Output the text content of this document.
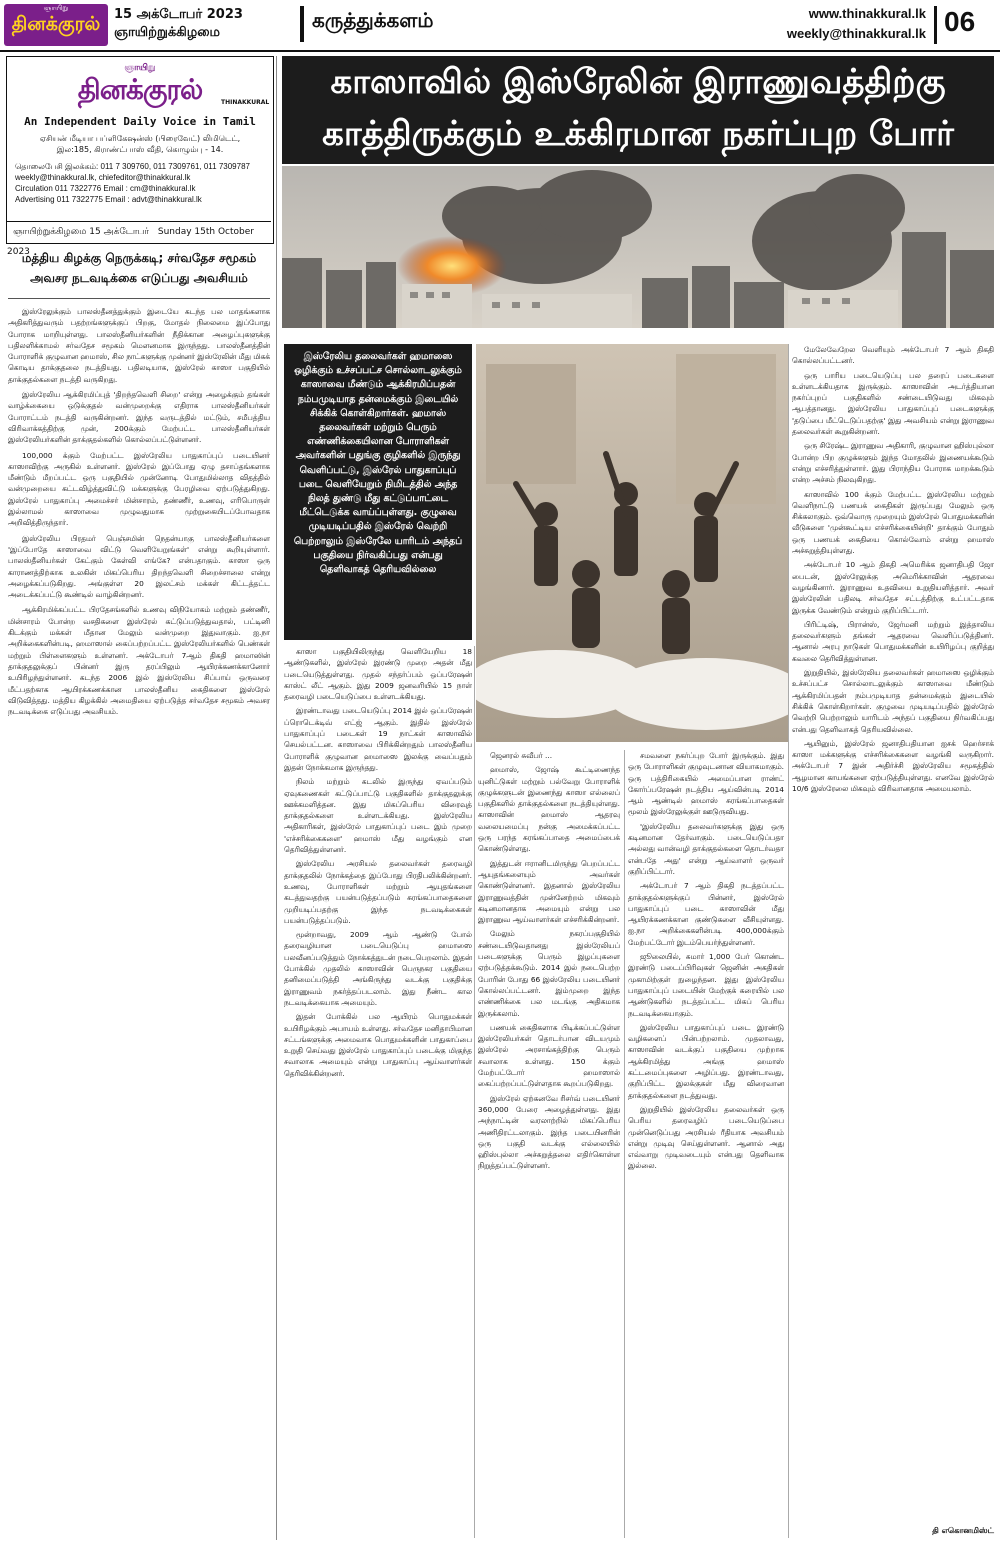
ஞாயிறு
தினக்குரல்	15 அக்டோபர் 2023
ஞாயிற்றுக்கிழமை
கருத்துக்களம்	www.thinakkural.lk
weekly@thinakkural.lk 06
ஞாயிறு
தினக்குரல்	THINAKKURAL
An Independent Daily Voice in Tamil
ஏசியன் மீடியா பப்ளிகேஷன்ஸ் (பிரைவேட்) லிமிடெட்,
இல:185, கிராண்ட்பாஸ் வீதி, கொழும்பு - 14.
தொலைபேசி இலக்கம்: 011 7 309760, 011 7309761, 011 7309787
weekly@thinakkural.lk, chiefeditor@thinakkural.lk
Circulation 011 7322776 Email : cm@thinakkural.lk
Advertising 011 7322775 Email : advt@thinakkural.lk
ஞாயிற்றுக்கிழமை 15 அக்டோபர் Sunday 15th October 2023
மத்திய கிழக்கு நெருக்கடி; சர்வதேச சமூகம்
அவசர நடவடிக்கை எடுப்பது அவசியம்

இஸ்ரேலுக்கும் பாலஸ்தீனத்துக்கும் இடையே கடந்த பல மாதங்களாக அதிகரித்துவரும் பதற்றங்களுக்குப் பிறகு, மோதல் நிலைமை இப்போது போராக மாறியுள்ளது. பாலஸ்தீனியர்களின் நீதிக்கான அழைப்புகளுக்கு பதிலளிக்காமல் சர்வதேச சமூகம் மௌனமாக இருந்தது. பாலஸ்தீனத்தின் போராளிக் குழுவான ஹமாஸ், சில நாட்களுக்கு முன்னர் இஸ்ரேலின் மீது மிகக் கொடிய தாக்குதலை நடத்தியது. பதிலடியாக, இஸ்ரேல் காஸா பகுதியில் தாக்குதல்களை நடத்தி வருகிறது.

இஸ்ரேலிய ஆக்கிரமிப்புத் 'திறந்தவெளி சிறை' என்று அழைக்கும் தங்கள் வாழ்க்கையை ஒடுக்குதல் வன்முறைக்கு எதிராக பாலஸ்தீனியர்கள் போராட்டம் நடத்தி வருகின்றனர். இந்த வருடத்தில் மட்டும், சமீபத்திய விரிவாக்கத்திற்கு முன், 200க்கும் மேற்பட்ட பாலஸ்தீனியர்கள் இஸ்ரேலியர்களின் தாக்குதல்களில் கொல்லப்பட்டுள்ளனர்.

100,000 க்கும் மேற்பட்ட இஸ்ரேலிய பாதுகாப்புப் படையினர் காஸாவிற்கு அருகில் உள்ளனர். இஸ்ரேல் இப்போது ஏழு தசாப்தங்களாக மீண்டும் மீறப்பட்ட ஒரு பகுதியில் முன்னோடி போதுமில்லாத விதத்தில் வன்முறையை கட்டவிழ்த்துவிட்டு மக்களுக்கு பேரழிவை ஏற்படுத்துகிறது. இஸ்ரேல் பாதுகாப்பு அமைச்சர் மின்சாரம், தண்ணீர், உணவு, எரிபொருள் இல்லாமல் காஸாவை முழுவதுமாக முற்றுகையிடப்போவதாக அறிவித்திருந்தார்.

இஸ்ரேலிய பிரதமர் பெஞ்சமின் நெதன்யாகு பாலஸ்தீனியர்களை 'இப்போதே காஸாவை விட்டு வெளியேறுங்கள்' என்று கூறியுள்ளார். பாலஸ்தீனியர்கள் கேட்கும் கேள்வி எங்கே? என்பதாகும். காஸா ஒரு காராணத்திற்காக உலகின் மிகப்பெரிய திறந்தவெளி சிறைச்சாலை என்று அழைக்கப்படுகிறது. அங்குள்ள 20 இலட்சம் மக்கள் கிட்டத்தட்ட அடைக்கப்பட்டு கூண்டில் வாழ்கின்றனர்.

ஆக்கிரமிக்கப்பட்ட பிரதேசங்களில் உணவு விநியோகம் மற்றும் தண்ணீர், மின்சாரம் போன்ற வசதிகளை இஸ்ரேல் கட்டுப்படுத்துவதால், பட்டினி கிடக்கும் மக்கள் மீதான மேலும் வன்முறை இதுவாகும். ஐ.நா அறிக்கைகளின்படி, ஹமாஸால் கைப்பற்றப்பட்ட இஸ்ரேலியர்களில் பெண்கள் மற்றும் பிள்ளைகளும் உள்ளனர். அக்டோபர் 7ஆம் திகதி ஹமாஸின் தாக்குதலுக்குப் பின்னர் இரு தரப்பிலும் ஆயிரக்கணக்கானோர் உயிரிழந்துள்ளனர். கடந்த 2006 இல் இஸ்ரேலிய சிப்பாய் ஒருவரை மீட்பதற்காக ஆயிரக்கணக்கான பாலஸ்தீனிய கைதிகளை இஸ்ரேல் விடுவித்தது. மத்திய கிழக்கில் அமைதியை ஏற்படுத்த சர்வதேச சமூகம் அவசர நடவடிக்கை எடுப்பது அவசியம்.

காஸாவில் இஸ்ரேலின் இராணுவத்திற்கு
காத்திருக்கும் உக்கிரமான நகர்ப்புற போர்
இஸ்ரேலிய தலைவர்கள் ஹமாஸை ஒழிக்கும் உச்சப்பட்ச சொல்லாடலுக்கும் காஸாவை மீண்டும் ஆக்கிரமிப்பதன் நம்பமுடியாத தன்மைக்கும் இடையில் சிக்கிக் கொள்கிறார்கள். ஹமாஸ் தலைவர்கள் மற்றும் பெரும் எண்ணிக்கையிலான போராளிகள் அவர்களின் பதுங்கு குழிகளில் இருந்து வெளிப்பட்டு, இஸ்ரேல் பாதுகாப்புப் படை வெளியேறும் நிமிடத்தில் அந்த நிலத் துண்டு மீது கட்டுப்பாட்டை மீட்டெடுக்க வாய்ப்புள்ளது. குழுவை முடியடிப்பதில் இஸ்ரேல் வெற்றி பெற்றாலும் இஸ்ரேலே யாரிடம் அந்தப் பகுதியை நிர்வகிப்பது என்பது தெளிவாகத் தெரியவில்லை

காஸா பகுதியிலிருந்து வெளியேறிய 18 ஆண்டுகளில், இஸ்ரேல் இரண்டு முறை அதன் மீது படையெடுத்துள்ளது. முதல் சந்தர்ப்பம் ஒப்பரேஷன் காஸ்ட் லீட் ஆகும். இது 2009 ஜனவரியில் 15 நாள் தரைவழி படையெடுப்பை உள்ளடக்கியது.

இரண்டாவது படையெடுப்பு 2014 இல் ஒப்பரேஷன் ப்ரொடெக்டிவ் எட்ஜ் ஆகும். இதில் இஸ்ரேல் பாதுகாப்புப் படைகள் 19 நாட்கள் காஸாவில் செயல்பட்டன. காஸாவை பிரிக்கின்றதும் பாலஸ்தீனிய போராளிக் குழுவான ஹமாஸை இலக்கு வைப்பதும் இதன் நோக்கமாக இருந்தது.

நிலம் மற்றும் கடலில் இருந்து ஏவப்படும் ஏவுகணைகள் கட்டுப்பாட்டு பகுதிகளில் தாக்குதலுக்கு ஊக்கமளித்தன. இது மிகப்பெரிய விரைவுத் தாக்குதல்களை உள்ளடக்கியது. இஸ்ரேலிய அதிகாரிகள், இஸ்ரேல் பாதுகாப்புப் படை இம் முறை 'எச்சரிக்கைகளை' ஹமாஸ் மீது வழங்கும் என தெரிவித்துள்ளனர்.

இஸ்ரேலிய அரசியல் தலைவர்கள் தரைவழி தாக்குதலில் நோக்கத்தை இப்போது பிரதிபலிக்கின்றனர். உணவு, போராளிகள் மற்றும் ஆயுதங்களை கடத்துவதற்கு பயன்படுத்தப்படும் சுரங்கப்பாதைகளை முறியடிப்பதற்கு இந்த நடவடிக்கைகள் பயன்படுத்தப்படும்.

மூன்றாவது, 2009 ஆம் ஆண்டு போல் தரைவழியான படையெடுப்பு ஹமாஸை பலவீனப்படுத்தும் நோக்கத்துடன் நடைபெறலாம். இதன் போக்கில் முதலில் காஸாவின் பெருநகர பகுதியை தனிமைப்படுத்தி அங்கிருந்து வடக்கு பகுதிக்கு இராணுவம் நகர்த்தப்படலாம். இது நீண்ட கால நடவடிக்கையாக அமையும்.

இதன் போக்கில் பல ஆயிரம் பொதுமக்கள் உயிரிழக்கும் அபாயம் உள்ளது. சர்வதேச மனிதாபிமான சட்டங்களுக்கு அமைவாக பொதுமக்களின் பாதுகாப்பை உறுதி செய்வது இஸ்ரேல் பாதுகாப்புப் படைக்கு மிகுந்த சவாலாக அமையும் என்று பாதுகாப்பு ஆய்வாளர்கள் தெரிவிக்கின்றனர்.

ஜெனரல் சுவீபர் ...

ஹமாஸ், ஜோஷ் கூட்டிணைந்த யுனிட்டுகள் மற்றும் பல்வேறு போராளிக் குழுக்களுடன் இணைந்து காஸா எல்லைப் பகுதிகளில் தாக்குதல்களை நடத்தியுள்ளது. காஸாவின் ஹமாஸ் ஆதரவு வலையமைப்பு நன்கு அமைக்கப்பட்ட ஒரு பரந்த சுரங்கப்பாதை அமைப்பைக் கொண்டுள்ளது.

இத்துடன் ஈரானிடமிருந்து பெறப்பட்ட ஆயுதங்களையும் அவர்கள் கொண்டுள்ளனர். இதனால் இஸ்ரேலிய இராணுவத்தின் முன்னேற்றம் மிகவும் கடினமானதாக அமையும் என்று பல இராணுவ ஆய்வாளர்கள் எச்சரிக்கின்றனர்.

மேலும் நகரப்பகுதியில் சண்டையிடுவதானது இஸ்ரேலியப் படைகளுக்கு பெரும் இழப்புகளை ஏற்படுத்தக்கூடும். 2014 இல் நடைபெற்ற போரின் போது 66 இஸ்ரேலிய படையினர் கொல்லப்பட்டனர். இம்முறை இந்த எண்ணிக்கை பல மடங்கு அதிகமாக இருக்கலாம்.

பணயக் கைதிகளாக பிடிக்கப்பட்டுள்ள இஸ்ரேலியர்கள் தொடர்பான விடயமும் இஸ்ரேல் அரசாங்கத்திற்கு பெரும் சவாலாக உள்ளது. 150 க்கும் மேற்பட்டோர் ஹமாஸால் கைப்பற்றப்பட்டுள்ளதாக கூறப்படுகிறது.

இஸ்ரேல் ஏற்கனவே ரிசர்வ் படையினர் 360,000 பேரை அழைத்துள்ளது. இது அந்நாட்டின் வரலாற்றில் மிகப்பெரிய அணிதிரட்டலாகும். இந்த படையினரின் ஒரு பகுதி வடக்கு எல்லையில் ஹிஸ்புல்லா அச்சுறுத்தலை எதிர்கொள்ள நிறுத்தப்பட்டுள்ளனர்.

சமவளை நகர்ப்புற போர் இருக்கும். இது ஒரு போராளிகள் குழுவுடனான வியாகமாகும். ஒரு பத்திரிகையில் அமைப்பான ராண்ட் கோர்ப்பரேஷன் நடத்திய ஆய்வின்படி 2014 ஆம் ஆண்டில் ஹமாஸ் சுரங்கப்பாதைகள் மூலம் இஸ்ரேலுக்குள் ஊடுருவியது.

'இஸ்ரேலிய தலைவர்களுக்கு இது ஒரு கடினமான தேர்வாகும். படையெடுப்பதா அல்லது வான்வழி தாக்குதல்களை தொடர்வதா என்பதே அது' என்று ஆய்வாளர் ஒருவர் குறிப்பிட்டார்.

அக்டோபர் 7 ஆம் திகதி நடத்தப்பட்ட தாக்குதல்களுக்குப் பின்னர், இஸ்ரேல் பாதுகாப்புப் படை காஸாவின் மீது ஆயிரக்கணக்கான குண்டுகளை வீசியுள்ளது. ஐ.நா அறிக்கைகளின்படி 400,000க்கும் மேற்பட்டோர் இடம்பெயர்ந்துள்ளனர்.

ஜூலையில், சுமார் 1,000 பேர் கொண்ட இரண்டு படைப்பிரிவுகள் ஜெனின் அகதிகள் முகாமிற்குள் நுழைந்தன. இது இஸ்ரேலிய பாதுகாப்புப் படையின் மேற்குக் கரையில் பல ஆண்டுகளில் நடத்தப்பட்ட மிகப் பெரிய நடவடிக்கையாகும்.

இஸ்ரேலிய பாதுகாப்புப் படை இரண்டு வழிகளைப் பின்பற்றலாம். முதலாவது, காஸாவின் வடக்குப் பகுதியை முற்றாக ஆக்கிரமித்து அங்கு ஹமாஸ் கட்டமைப்புகளை அழிப்பது. இரண்டாவது, குறிப்பிட்ட இலக்குகள் மீது விரைவான தாக்குதல்களை நடத்துவது.

இறுதியில் இஸ்ரேலிய தலைவர்கள் ஒரு பெரிய தரைவழிப் படையெடுப்பை முன்னெடுப்பது அரசியல் ரீதியாக அவசியம் என்று முடிவு செய்துள்ளனர். ஆனால் அது எவ்வாறு முடிவடையும் என்பது தெளிவாக இல்லை.

மேலேவேறேல வெளியும் அக்டோபர் 7 ஆம் திகதி கொல்லப்பட்டனர்.

ஒரு பாரிய படையெடுப்பு பல தரைப் படைகளை உள்ளடக்கியதாக இருக்கும். காஸாவின் அடர்த்தியான நகர்ப்புறப் பகுதிகளில் சண்டையிடுவது மிகவும் ஆபத்தானது. இஸ்ரேலிய பாதுகாப்புப் படைகளுக்கு 'தடுப்பை மீட்டெடுப்பதற்கு' இது அவசியம் என்று இராணுவ தலைவர்கள் கூறுகின்றனர்.

ஒரு சிரேஷ்ட இராணுவ அதிகாரி, குழுவான ஹிஸ்புல்லா போன்ற பிற குழுக்களும் இந்த மோதலில் இணையக்கூடும் என்று எச்சரித்துள்ளார். இது பிராந்திய போராக மாறக்கூடும் என்ற அச்சம் நிலவுகிறது.

காஸாவில் 100 க்கும் மேற்பட்ட இஸ்ரேலிய மற்றும் வெளிநாட்டு பணயக் கைதிகள் இருப்பது மேலும் ஒரு சிக்கலாகும். ஒவ்வொரு முறையும் இஸ்ரேல் பொதுமக்களின் வீடுகளை 'முன்கூட்டிய எச்சரிக்கையின்றி' தாக்கும் போதும் ஒரு பணயக் கைதியை கொல்வோம் என்று ஹமாஸ் அச்சுறுத்தியுள்ளது.

அக்டோபர் 10 ஆம் திகதி அமெரிக்க ஜனாதிபதி ஜோ பைடன், இஸ்ரேலுக்கு அமெரிக்காவின் ஆதரவை வழங்கினார். இராணுவ உதவியை உறுதியளித்தார். அவர் இஸ்ரேலின் பதிலடி சர்வதேச சட்டத்திற்கு உட்பட்டதாக இருக்க வேண்டும் என்றும் குறிப்பிட்டார்.

பிரிட்டிஷ், பிரான்ஸ், ஜேர்மனி மற்றும் இத்தாலிய தலைவர்களும் தங்கள் ஆதரவை வெளிப்படுத்தினர். ஆனால் அரபு நாடுகள் பொதுமக்களின் உயிரிழப்பு குறித்து கவலை தெரிவித்துள்ளன.

இறுதியில், இஸ்ரேலிய தலைவர்கள் ஹமாஸை ஒழிக்கும் உச்சப்பட்ச சொல்லாடலுக்கும் காஸாவை மீண்டும் ஆக்கிரமிப்பதன் நம்பமுடியாத தன்மைக்கும் இடையில் சிக்கிக் கொள்கிறார்கள். குழுவை முடியடிப்பதில் இஸ்ரேல் வெற்றி பெற்றாலும் யாரிடம் அந்தப் பகுதியை நிர்வகிப்பது என்பது தெளிவாகத் தெரியவில்லை.

ஆயினும், இஸ்ரேல் ஜனாதிபதியான ஐசக் ஹெர்சாக் காஸா மக்களுக்கு எச்சரிக்கைகளை வழங்கி வருகிறார். அக்டோபர் 7 இன் அதிர்ச்சி இஸ்ரேலிய சமூகத்தில் ஆழமான காயங்களை ஏற்படுத்தியுள்ளது. எனவே இஸ்ரேல் 10/6 இஸ்ரேலை மிகவும் விரிவானதாக அமையலாம்.

தி எகொனமிஸ்ட்
